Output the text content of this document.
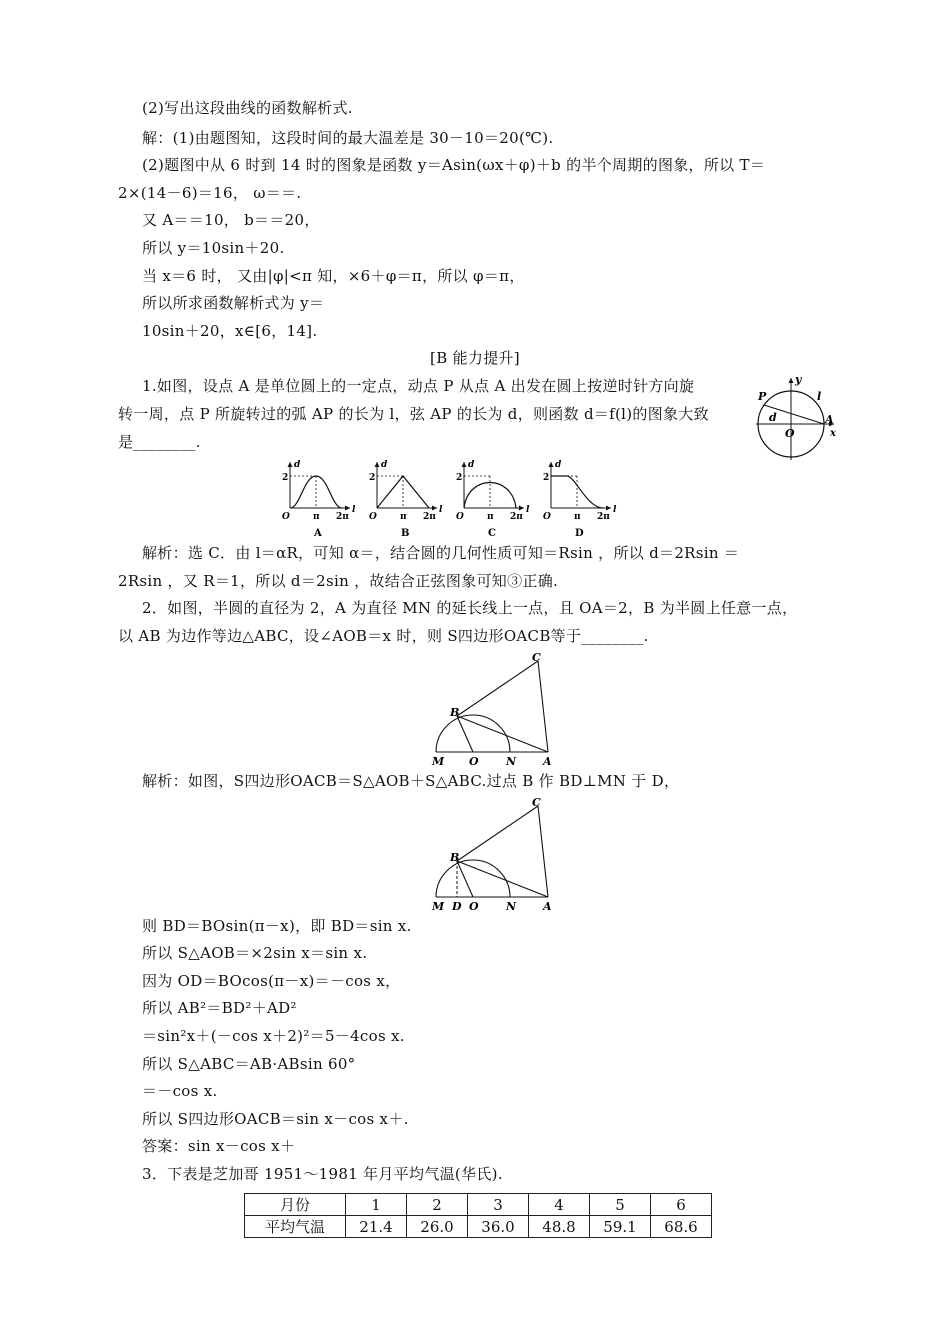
(2)写出这段曲线的函数解析式.
解：(1)由题图知，这段时间的最大温差是 30－10＝20(℃).
(2)题图中从 6 时到 14 时的图象是函数 y＝Asin(ωx＋φ)＋b 的半个周期的图象，所以 T＝
2×(14－6)＝16， ω＝＝.
又 A＝＝10， b＝＝20，
所以 y＝10sin＋20.
当 x＝6 时， 又由|φ|<π 知，×6＋φ＝π，所以 φ＝π，
所以所求函数解析式为 y＝
10sin＋20，x∈[6，14].
[B 能力提升]
1.如图，设点 A 是单位圆上的一定点，动点 P 从点 A 出发在圆上按逆时针方向旋
转一周，点 P 所旋转过的弧 AP 的长为 l，弦 AP 的长为 d，则函数 d＝f(l)的图象大致
是________.
P
y
l
d
O
A
x
d
2
O	π 2π
l
A
d
2
O	π 2π
l
B
d
2
O	π 2π
l
C
d
2
O	π 2π
l
D
解析：选 C．由 l＝αR，可知 α＝，结合圆的几何性质可知＝Rsin ，所以 d＝2Rsin ＝
2Rsin ，又 R＝1，所以 d＝2sin ，故结合正弦图象可知③正确.
2．如图，半圆的直径为 2，A 为直径 MN 的延长线上一点，且 OA＝2，B 为半圆上任意一点，
以 AB 为边作等边△ABC，设∠AOB＝x 时，则 S四边形OACB等于________.
C
B
M O N A
解析：如图，S四边形OACB＝S△AOB＋S△ABC.过点 B 作 BD⊥MN 于 D，
C
B
M D O N A
则 BD＝BOsin(π－x)，即 BD＝sin x.
所以 S△AOB＝×2sin x＝sin x.
因为 OD＝BOcos(π－x)＝－cos x，
所以 AB²＝BD²＋AD²
＝sin²x＋(－cos x＋2)²＝5－4cos x.
所以 S△ABC＝AB·ABsin 60°
＝－cos x.
所以 S四边形OACB＝sin x－cos x＋.
答案：sin x－cos x＋
3．下表是芝加哥 1951～1981 年月平均气温(华氏).
月份	1	2	3	4	5	6
平均气温	21.4	26.0	36.0	48.8	59.1	68.6
